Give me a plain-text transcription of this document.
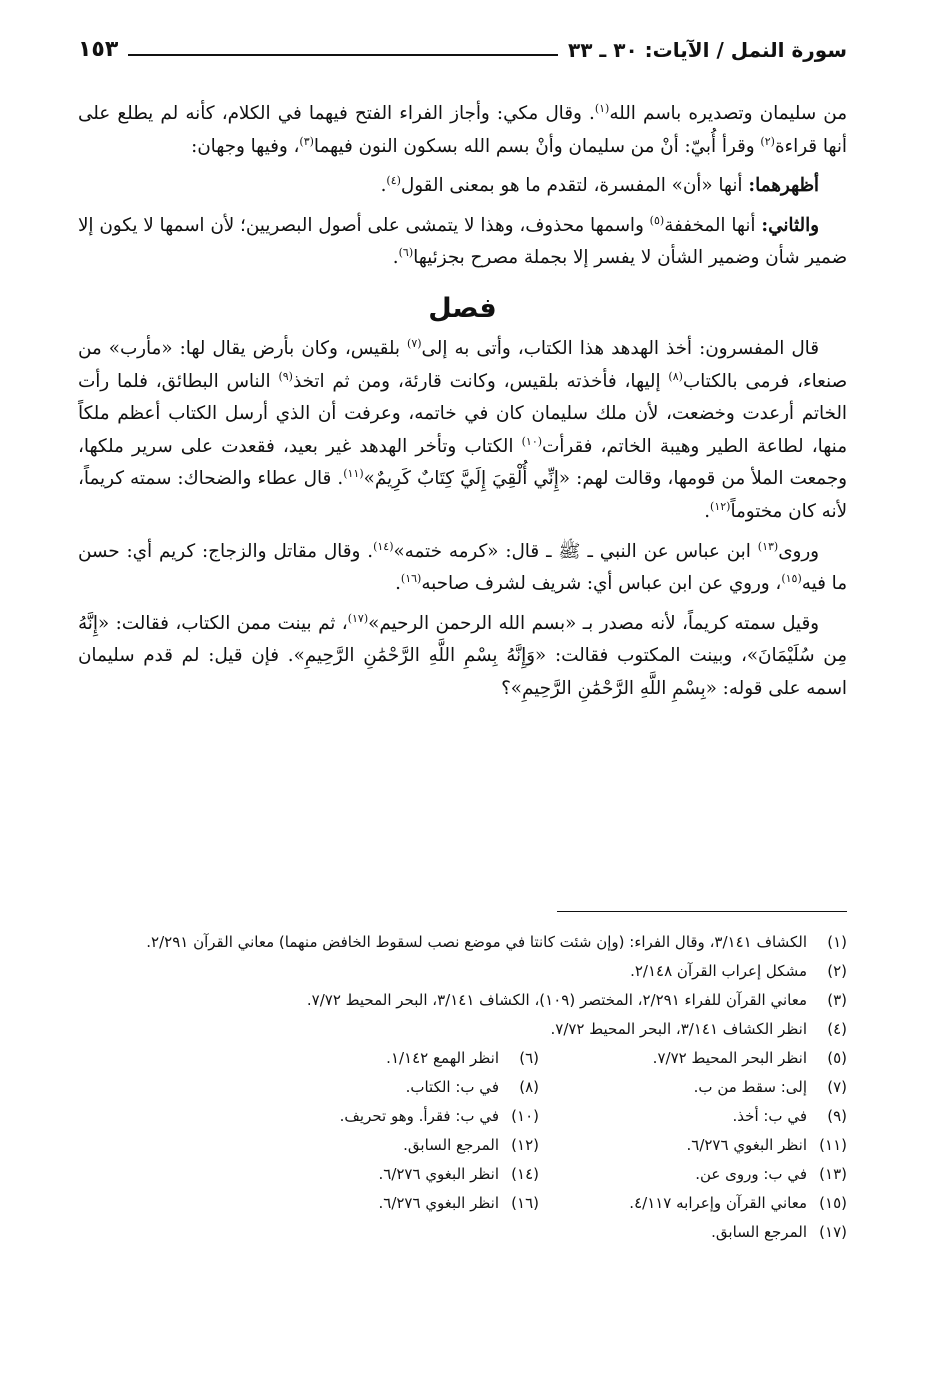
سورة النمل / الآيات: ٣٠ ـ ٣٣
١٥٣

من سليمان وتصديره باسم الله$^{(١)}$. وقال مكي: وأجاز الفراء الفتح فيهما في الكلام، كأنه لم يطلع على أنها قراءة$^{(٢)}$ وقرأ أُبيّ: أنْ من سليمان وأنْ بسم الله بسكون النون فيهما$^{(٣)}$، وفيها وجهان:

أظهرهما: أنها «أن» المفسرة، لتقدم ما هو بمعنى القول$^{(٤)}$.

والثاني: أنها المخففة$^{(٥)}$ واسمها محذوف، وهذا لا يتمشى على أصول البصريين؛ لأن اسمها لا يكون إلا ضمير شأن وضمير الشأن لا يفسر إلا بجملة مصرح بجزئيها$^{(٦)}$.

فصل

قال المفسرون: أخذ الهدهد هذا الكتاب، وأتى به إلى$^{(٧)}$ بلقيس، وكان بأرض يقال لها: «مأرب» من صنعاء، فرمى بالكتاب$^{(٨)}$ إليها، فأخذته بلقيس، وكانت قارئة، ومن ثم اتخذ$^{(٩)}$ الناس البطائق، فلما رأت الخاتم أرعدت وخضعت، لأن ملك سليمان كان في خاتمه، وعرفت أن الذي أرسل الكتاب أعظم ملكاً منها، لطاعة الطير وهيبة الخاتم، فقرأت$^{(١٠)}$ الكتاب وتأخر الهدهد غير بعيد، فقعدت على سرير ملكها، وجمعت الملأ من قومها، وقالت لهم: «إِنِّي أُلْقِيَ إِلَيَّ كِتَابٌ كَرِيمٌ»$^{(١١)}$. قال عطاء والضحاك: سمته كريماً، لأنه كان مختوماً$^{(١٢)}$.

وروى$^{(١٣)}$ ابن عباس عن النبي ـ ﷺ ـ قال: «كرمه ختمه»$^{(١٤)}$. وقال مقاتل والزجاج: كريم أي: حسن ما فيه$^{(١٥)}$، وروي عن ابن عباس أي: شريف لشرف صاحبه$^{(١٦)}$.

وقيل سمته كريماً، لأنه مصدر بـ «بسم الله الرحمن الرحيم»$^{(١٧)}$، ثم بينت ممن الكتاب، فقالت: «إِنَّهُ مِن سُلَيْمَانَ»، وبينت المكتوب فقالت: «وَإِنَّهُ بِسْمِ اللَّهِ الرَّحْمَٰنِ الرَّحِيمِ». فإن قيل: لم قدم سليمان اسمه على قوله: «بِسْمِ اللَّهِ الرَّحْمَٰنِ الرَّحِيمِ»؟

(١)
الكشاف ٣/١٤١، وقال الفراء: (وإن شئت كانتا في موضع نصب لسقوط الخافض منهما) معاني القرآن ٢/٢٩١.
(٢)
مشكل إعراب القرآن ٢/١٤٨.
(٣)
معاني القرآن للفراء ٢/٢٩١، المختصر (١٠٩)، الكشاف ٣/١٤١، البحر المحيط ٧/٧٢.
(٤)
انظر الكشاف ٣/١٤١، البحر المحيط ٧/٧٢.
(٥)
انظر البحر المحيط ٧/٧٢.
(٦)
انظر الهمع ١/١٤٢.
(٧)
إلى: سقط من ب.
(٨)
في ب: الكتاب.
(٩)
في ب: أخذ.
(١٠)
في ب: فقرأ. وهو تحريف.
(١١)
انظر البغوي ٦/٢٧٦.
(١٢)
المرجع السابق.
(١٣)
في ب: وروى عن.
(١٤)
انظر البغوي ٦/٢٧٦.
(١٥)
معاني القرآن وإعرابه ٤/١١٧.
(١٦)
انظر البغوي ٦/٢٧٦.
(١٧)
المرجع السابق.
